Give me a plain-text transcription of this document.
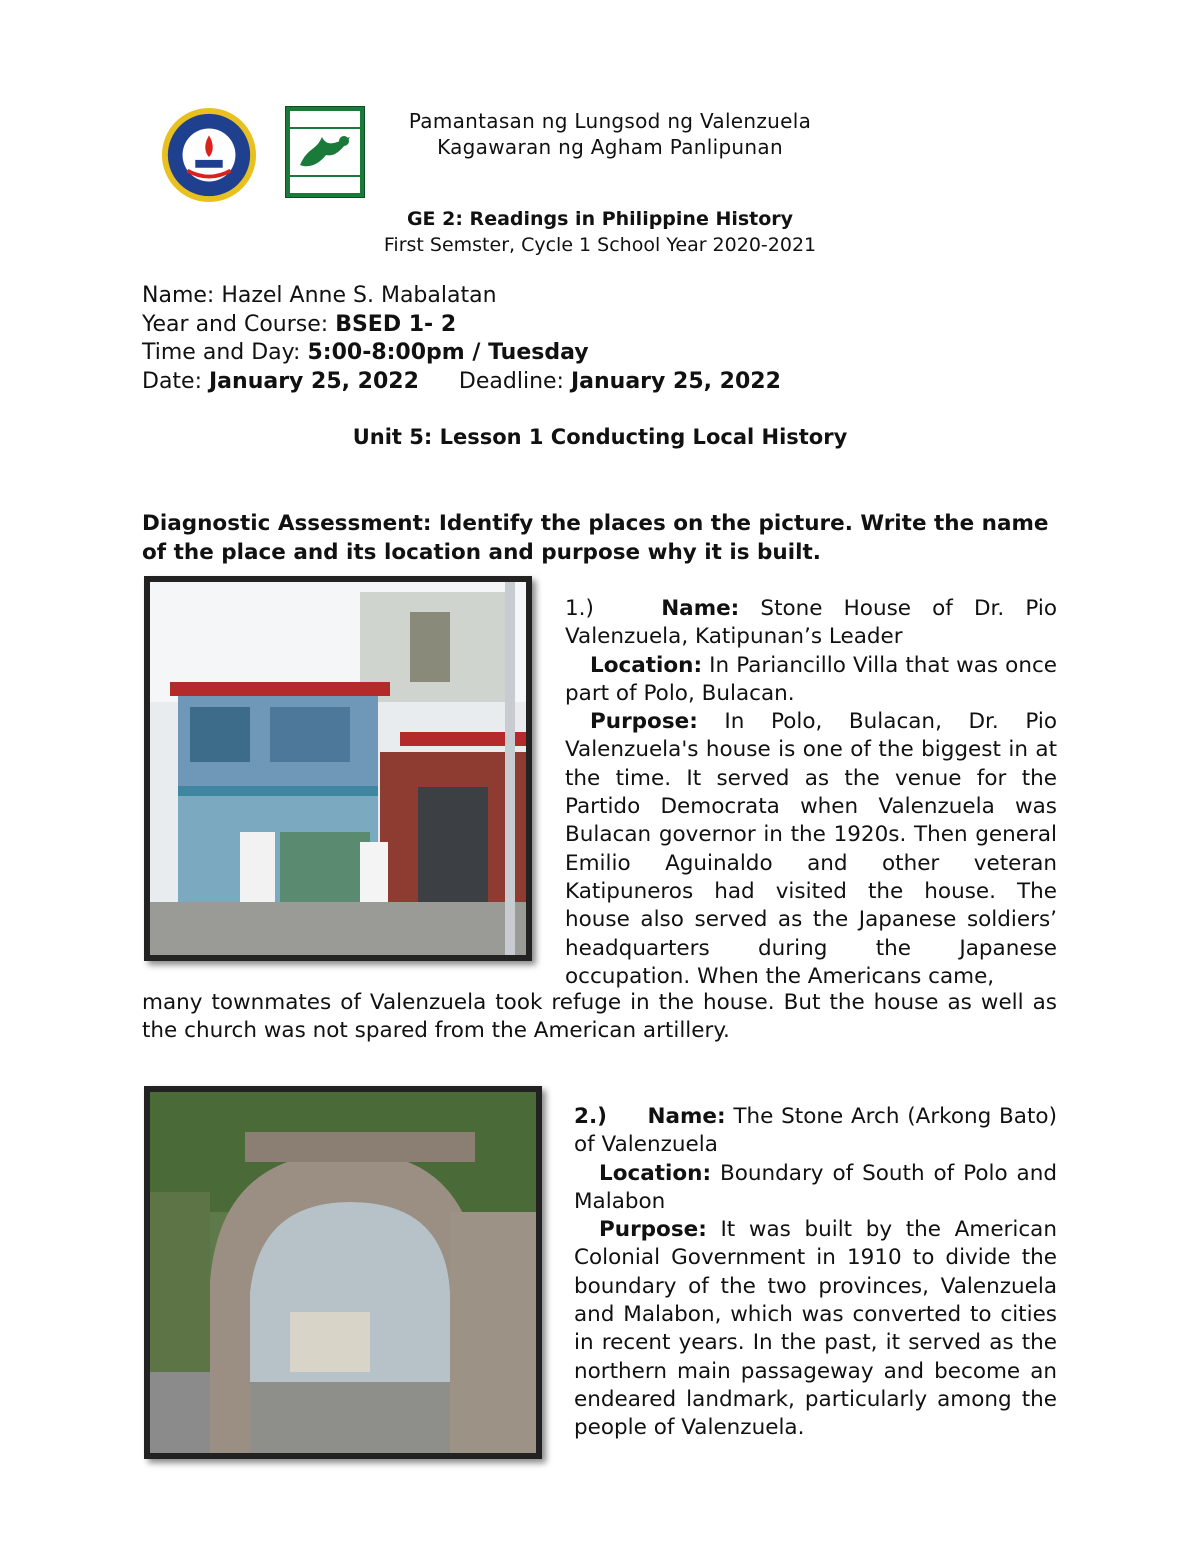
Pamantasan ng Lungsod ng Valenzuela
Kagawaran ng Agham Panlipunan
GE 2: Readings in Philippine History
First Semster, Cycle 1 School Year 2020-2021
Name: Hazel Anne S. Mabalatan
Year and Course: BSED 1- 2
Time and Day: 5:00-8:00pm / Tuesday
Date: January 25, 2022 Deadline: January 25, 2022
Unit 5: Lesson 1 Conducting Local History
Diagnostic Assessment: Identify the places on the picture. Write the name of the place and its location and purpose why it is built.
1.)	Name: Stone House of Dr. Pio Valenzuela, Katipunan’s Leader
Location: In Pariancillo Villa that was once part of Polo, Bulacan.
Purpose: In Polo, Bulacan, Dr. Pio Valenzuela's house is one of the biggest in at the time. It served as the venue for the Partido Democrata when Valenzuela was Bulacan governor in the 1920s. Then general Emilio Aguinaldo and other veteran Katipuneros had visited the house. The house also served as the Japanese soldiers’ headquarters during the Japanese occupation. When the Americans came,
many townmates of Valenzuela took refuge in the house. But the house as well as the church was not spared from the American artillery.
2.) Name: The Stone Arch (Arkong Bato) of Valenzuela
Location: Boundary of South of Polo and Malabon
Purpose: It was built by the American Colonial Government in 1910 to divide the boundary of the two provinces, Valenzuela and Malabon, which was converted to cities in recent years. In the past, it served as the northern main passageway and become an endeared landmark, particularly among the people of Valenzuela.
